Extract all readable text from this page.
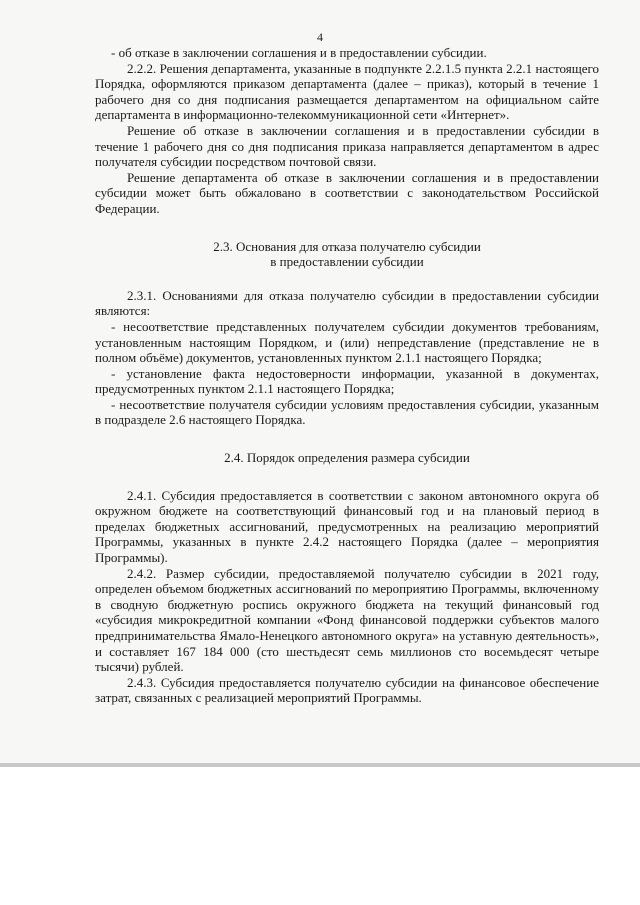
4

- об отказе в заключении соглашения и в предоставлении субсидии.

2.2.2. Решения департамента, указанные в подпункте 2.2.1.5 пункта 2.2.1 настоящего Порядка, оформляются приказом департамента (далее – приказ), который в течение 1 рабочего дня со дня подписания размещается департаментом на официальном сайте департамента в информационно-телекоммуникационной сети «Интернет».

Решение об отказе в заключении соглашения и в предоставлении субсидии в течение 1 рабочего дня со дня подписания приказа направляется департаментом в адрес получателя субсидии посредством почтовой связи.

Решение департамента об отказе в заключении соглашения и в предоставлении субсидии может быть обжаловано в соответствии с законодательством Российской Федерации.

2.3. Основания для отказа получателю субсидии
в предоставлении субсидии

2.3.1. Основаниями для отказа получателю субсидии в предоставлении субсидии являются:

- несоответствие представленных получателем субсидии документов требованиям, установленным настоящим Порядком, и (или) непредставление (представление не в полном объёме) документов, установленных пунктом 2.1.1 настоящего Порядка;

- установление факта недостоверности информации, указанной в документах, предусмотренных пунктом 2.1.1 настоящего Порядка;

- несоответствие получателя субсидии условиям предоставления субсидии, указанным в подразделе 2.6 настоящего Порядка.

2.4. Порядок определения размера субсидии

2.4.1. Субсидия предоставляется в соответствии с законом автономного округа об окружном бюджете на соответствующий финансовый год и на плановый период в пределах бюджетных ассигнований, предусмотренных на реализацию мероприятий Программы, указанных в пункте 2.4.2 настоящего Порядка (далее – мероприятия Программы).

2.4.2. Размер субсидии, предоставляемой получателю субсидии в 2021 году, определен объемом бюджетных ассигнований по мероприятию Программы, включенному в сводную бюджетную роспись окружного бюджета на текущий финансовый год «субсидия микрокредитной компании «Фонд финансовой поддержки субъектов малого предпринимательства Ямало-Ненецкого автономного округа» на уставную деятельность», и составляет 167 184 000 (сто шестьдесят семь миллионов сто восемьдесят четыре тысячи) рублей.

2.4.3. Субсидия предоставляется получателю субсидии на финансовое обеспечение затрат, связанных с реализацией мероприятий Программы.
